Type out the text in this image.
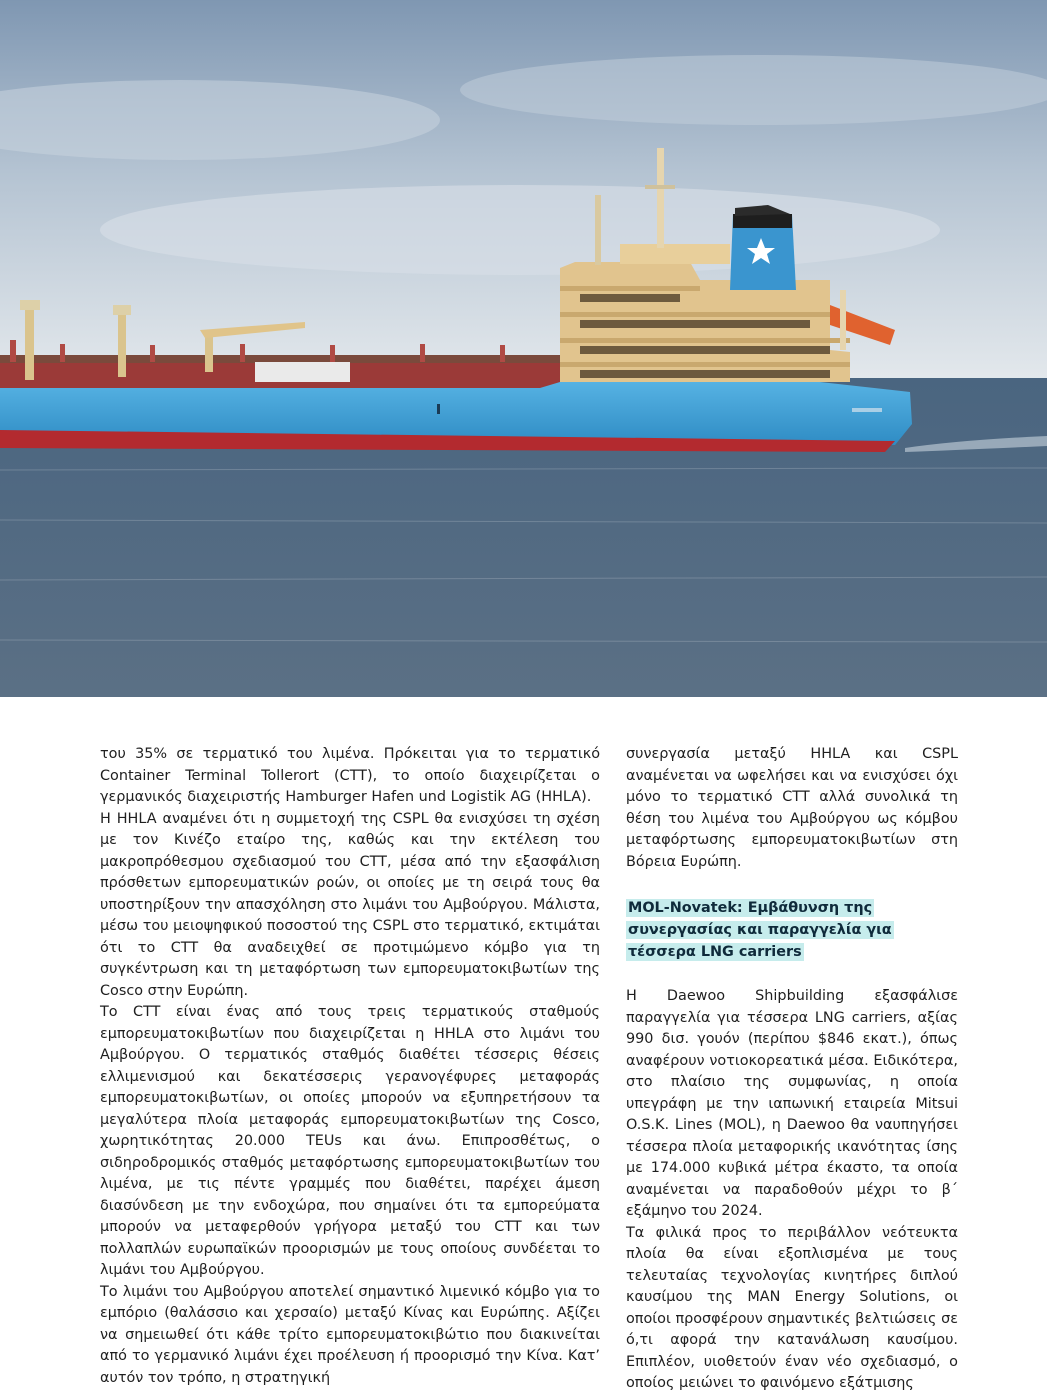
του 35% σε τερματικό του λιμένα. Πρόκειται για το τερματικό Container Terminal Tollerort (CTT), το οποίο διαχειρίζεται ο γερμανικός διαχειριστής Hamburger Hafen und Logistik AG (HHLA).

Η HHLA αναμένει ότι η συμμετοχή της CSPL θα ενισχύσει τη σχέση με τον Κινέζο εταίρο της, καθώς και την εκτέλεση του μακροπρόθεσμου σχεδιασμού του CTT, μέσα από την εξασφάλιση πρόσθετων εμπορευματικών ροών, οι οποίες με τη σειρά τους θα υποστηρίξουν την απασχόληση στο λιμάνι του Αμβούργου. Μάλιστα, μέσω του μειοψηφικού ποσοστού της CSPL στο τερματικό, εκτιμάται ότι το CTT θα αναδειχθεί σε προτιμώμενο κόμβο για τη συγκέντρωση και τη μεταφόρτωση των εμπορευματοκιβωτίων της Cosco στην Ευρώπη.

Το CTT είναι ένας από τους τρεις τερματικούς σταθμούς εμπορευματοκιβωτίων που διαχειρίζεται η HHLA στο λιμάνι του Αμβούργου. Ο τερματικός σταθμός διαθέτει τέσσερις θέσεις ελλιμενισμού και δεκατέσσερις γερανογέφυρες μεταφοράς εμπορευματοκιβωτίων, οι οποίες μπορούν να εξυπηρετήσουν τα μεγαλύτερα πλοία μεταφοράς εμπορευματοκιβωτίων της Cosco, χωρητικότητας 20.000 TEUs και άνω. Επιπροσθέτως, ο σιδηροδρομικός σταθμός μεταφόρτωσης εμπορευματοκιβωτίων του λιμένα, με τις πέντε γραμμές που διαθέτει, παρέχει άμεση διασύνδεση με την ενδοχώρα, που σημαίνει ότι τα εμπορεύματα μπορούν να μεταφερθούν γρήγορα μεταξύ του CTT και των πολλαπλών ευρωπαϊκών προορισμών με τους οποίους συνδέεται το λιμάνι του Αμβούργου.

Το λιμάνι του Αμβούργου αποτελεί σημαντικό λιμενικό κόμβο για το εμπόριο (θαλάσσιο και χερσαίο) μεταξύ Κίνας και Ευρώπης. Αξίζει να σημειωθεί ότι κάθε τρίτο εμπορευματοκιβώτιο που διακινείται από το γερμανικό λιμάνι έχει προέλευση ή προορισμό την Κίνα. Κατ’ αυτόν τον τρόπο, η στρατηγική

συνεργασία μεταξύ HHLA και CSPL αναμένεται να ωφελήσει και να ενισχύσει όχι μόνο το τερματικό CTT αλλά συνολικά τη θέση του λιμένα του Αμβούργου ως κόμβου μεταφόρτωσης εμπορευματοκιβωτίων στη Βόρεια Ευρώπη.

MOL-Novatek: Εμβάθυνση της συνεργασίας και παραγγελία για τέσσερα LNG carriers

Η Daewoo Shipbuilding εξασφάλισε παραγγελία για τέσσερα LNG carriers, αξίας 990 δισ. γουόν (περίπου $846 εκατ.), όπως αναφέρουν νοτιοκορεατικά μέσα. Ειδικότερα, στο πλαίσιο της συμφωνίας, η οποία υπεγράφη με την ιαπωνική εταιρεία Mitsui O.S.K. Lines (MOL), η Daewoo θα ναυπηγήσει τέσσερα πλοία μεταφορικής ικανότητας ίσης με 174.000 κυβικά μέτρα έκαστο, τα οποία αναμένεται να παραδοθούν μέχρι το β΄ εξάμηνο του 2024.

Τα φιλικά προς το περιβάλλον νεότευκτα πλοία θα είναι εξοπλισμένα με τους τελευταίας τεχνολογίας κινητήρες διπλού καυσίμου της MAN Energy Solutions, οι οποίοι προσφέρουν σημαντικές βελτιώσεις σε ό,τι αφορά την κατανάλωση καυσίμου. Επιπλέον, υιοθετούν έναν νέο σχεδιασμό, ο οποίος μειώνει το φαινόμενο εξάτμισης
